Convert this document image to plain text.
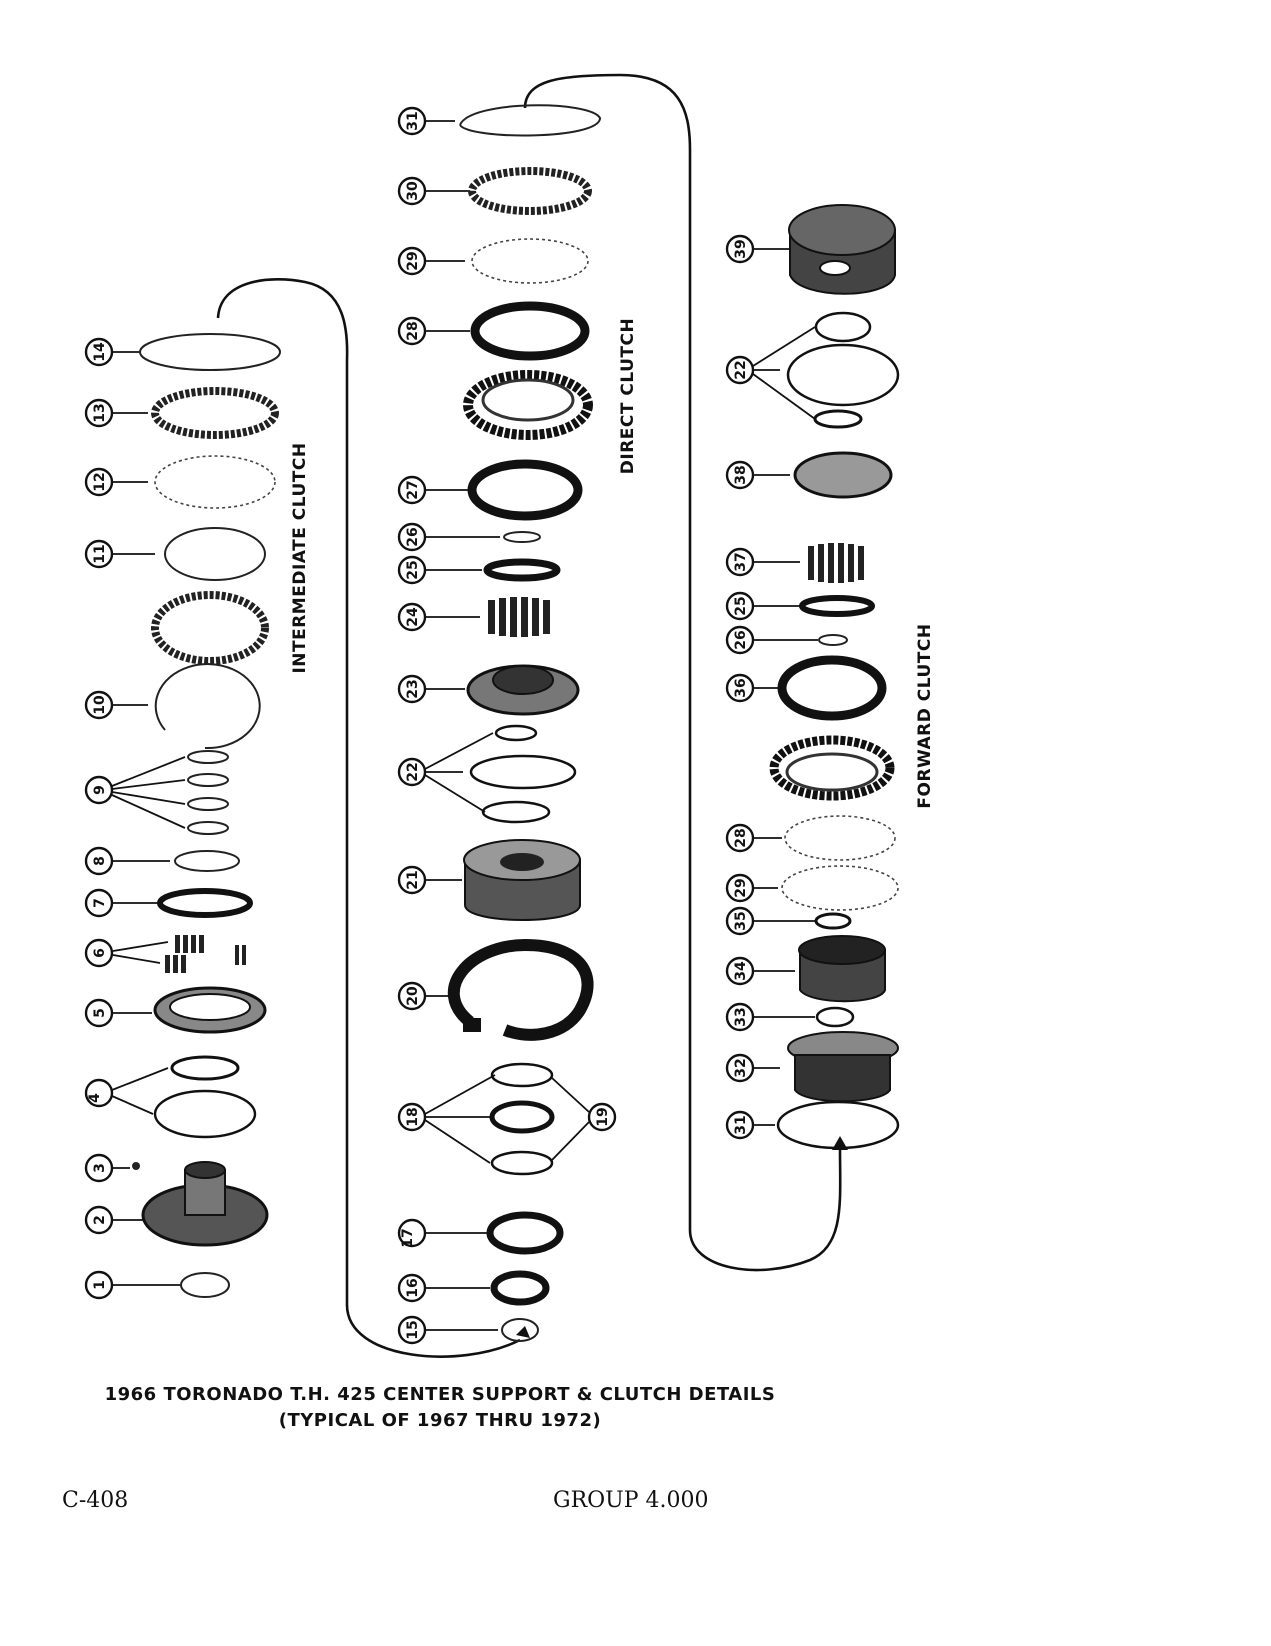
14
13
12
11
10
9
8
7
6
5
4
3
2
1
INTERMEDIATE CLUTCH
31
30
29
28	DIRECT CLUTCH
27
26
25
24
23
22
21
20
18	19
17
16
15
39
22
38
37
25
26
36	FORWARD CLUTCH
28
29
35
34
33
32
31
1966 TORONADO T.H. 425 CENTER SUPPORT & CLUTCH DETAILS
(TYPICAL OF 1967 THRU 1972)
C-408	GROUP 4.000
